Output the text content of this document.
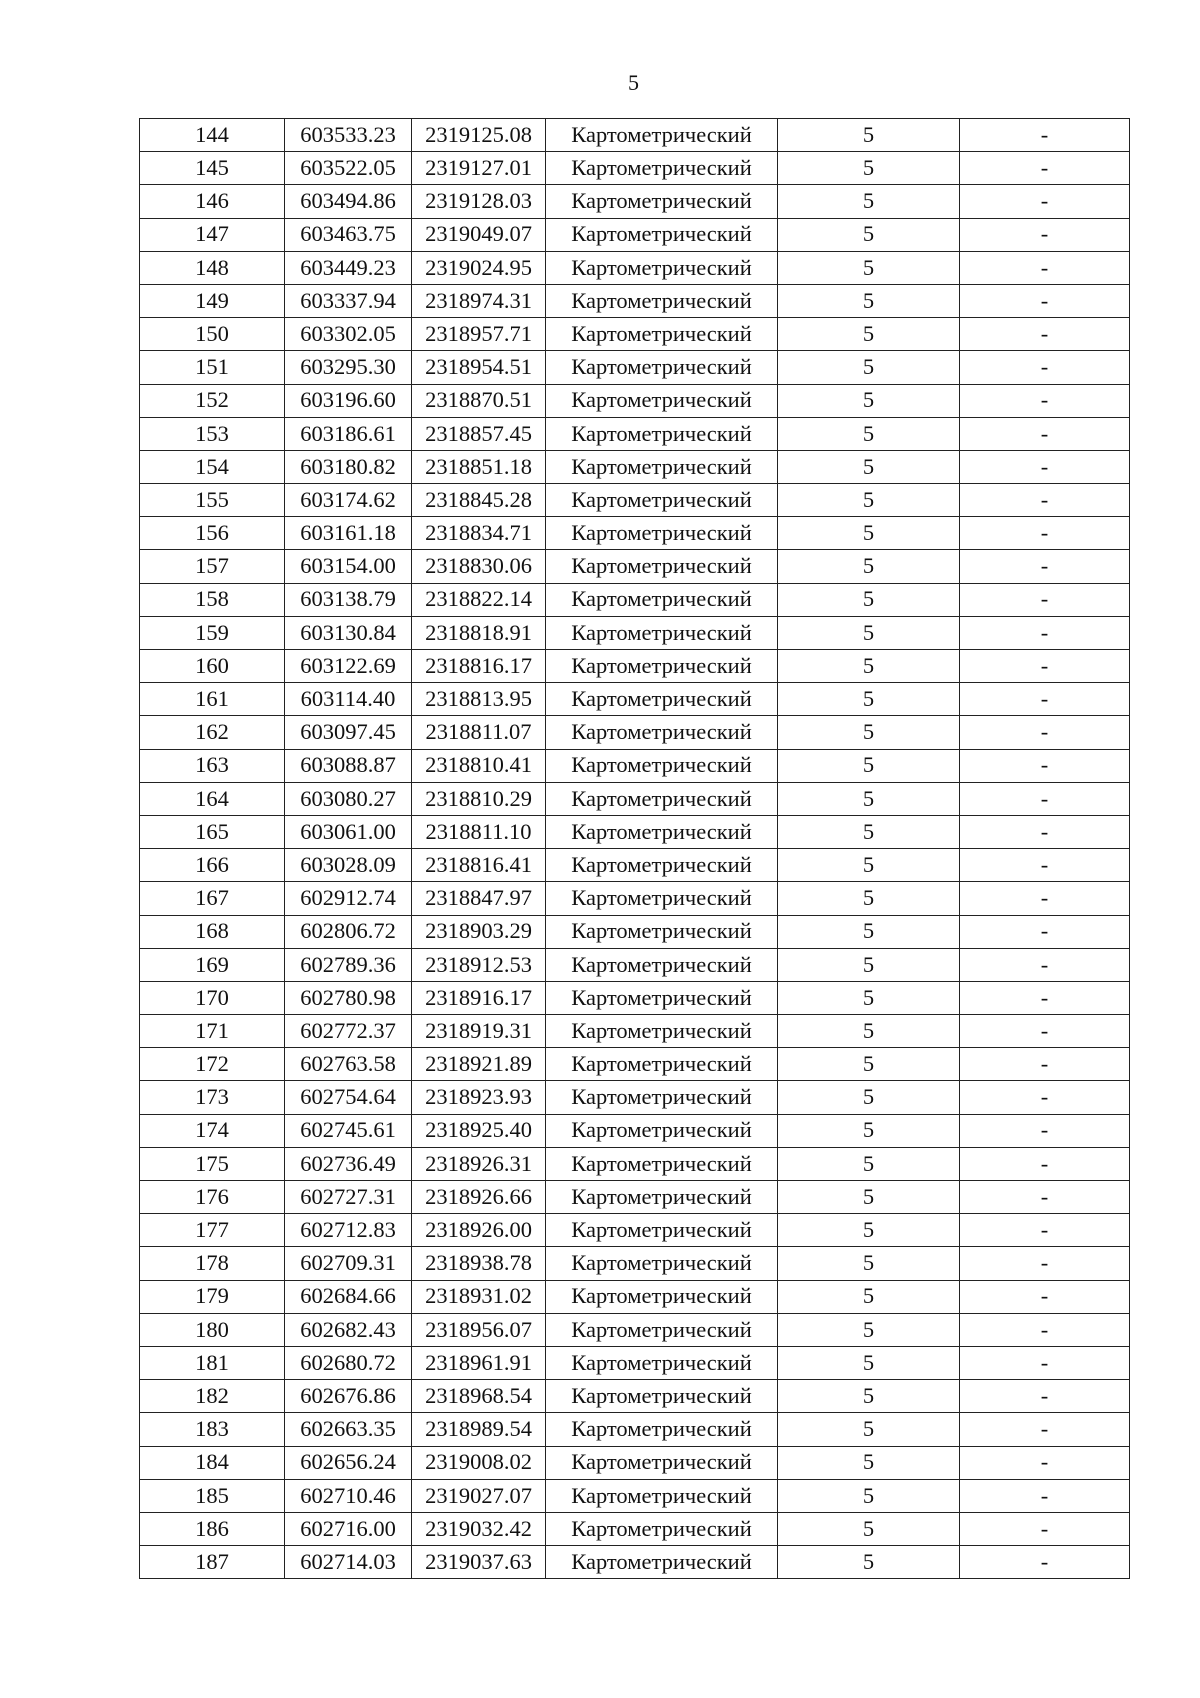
5
144	603533.23	2319125.08	Картометрический	5	-
145	603522.05	2319127.01	Картометрический	5	-
146	603494.86	2319128.03	Картометрический	5	-
147	603463.75	2319049.07	Картометрический	5	-
148	603449.23	2319024.95	Картометрический	5	-
149	603337.94	2318974.31	Картометрический	5	-
150	603302.05	2318957.71	Картометрический	5	-
151	603295.30	2318954.51	Картометрический	5	-
152	603196.60	2318870.51	Картометрический	5	-
153	603186.61	2318857.45	Картометрический	5	-
154	603180.82	2318851.18	Картометрический	5	-
155	603174.62	2318845.28	Картометрический	5	-
156	603161.18	2318834.71	Картометрический	5	-
157	603154.00	2318830.06	Картометрический	5	-
158	603138.79	2318822.14	Картометрический	5	-
159	603130.84	2318818.91	Картометрический	5	-
160	603122.69	2318816.17	Картометрический	5	-
161	603114.40	2318813.95	Картометрический	5	-
162	603097.45	2318811.07	Картометрический	5	-
163	603088.87	2318810.41	Картометрический	5	-
164	603080.27	2318810.29	Картометрический	5	-
165	603061.00	2318811.10	Картометрический	5	-
166	603028.09	2318816.41	Картометрический	5	-
167	602912.74	2318847.97	Картометрический	5	-
168	602806.72	2318903.29	Картометрический	5	-
169	602789.36	2318912.53	Картометрический	5	-
170	602780.98	2318916.17	Картометрический	5	-
171	602772.37	2318919.31	Картометрический	5	-
172	602763.58	2318921.89	Картометрический	5	-
173	602754.64	2318923.93	Картометрический	5	-
174	602745.61	2318925.40	Картометрический	5	-
175	602736.49	2318926.31	Картометрический	5	-
176	602727.31	2318926.66	Картометрический	5	-
177	602712.83	2318926.00	Картометрический	5	-
178	602709.31	2318938.78	Картометрический	5	-
179	602684.66	2318931.02	Картометрический	5	-
180	602682.43	2318956.07	Картометрический	5	-
181	602680.72	2318961.91	Картометрический	5	-
182	602676.86	2318968.54	Картометрический	5	-
183	602663.35	2318989.54	Картометрический	5	-
184	602656.24	2319008.02	Картометрический	5	-
185	602710.46	2319027.07	Картометрический	5	-
186	602716.00	2319032.42	Картометрический	5	-
187	602714.03	2319037.63	Картометрический	5	-
